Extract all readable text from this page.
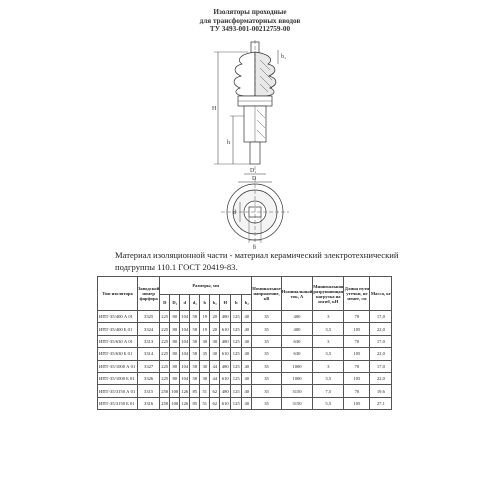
Изоляторы проходные
для трансформаторных вводов
ТУ 3493-001-00212759-00
H
h
D₁
D
b₁
d
b
Материал изоляционной части - материал керамический электротехнический подгруппы 110.1 ГОСТ 20419-83.
Тип изолятора	Заводской номер фарфора	Размеры, мм									Номинальное напряжение, кВ	Номинальный ток, А	Минимальная разрушающая нагрузка на изгиб, кН	Длина пути утечки, не менее, см	Масса, кг
		D	D₁	d	d₁	b	b₁	H	h	b₂					
ИПТ-35/400 А 01	3325	225	80	104	58	19	20	480	125	40	35	400	3	70	17,0
ИПТ-35/400 Б 01	3324	225	80	104	58	19	20	610	125	40	35	400	3,5	105	22,0
ИПТ-35/630 А 01	3313	225	80	104	58	30	30	480	125	40	35	630	3	70	17,0
ИПТ-35/630 Б 01	3314	225	80	104	58	35	30	610	125	40	35	630	3,5	105	22,0
ИПТ-35/1000 А 01	3327	225	80	104	58	30	44	480	125	40	35	1000	3	70	17,0
ИПТ-35/1000 Б 01	3326	225	80	104	58	30	44	610	125	40	35	1000	3,5	105	22,0
ИПТ-35/3150 А 01	3315	250	100	126	85	51	62	480	125	40	35	3150	7,5	70	19,6
ИПТ-35/3150 Б 01	3316	250	100	126	85	51	62	610	125	40	35	3150	5,5	105	27,1
